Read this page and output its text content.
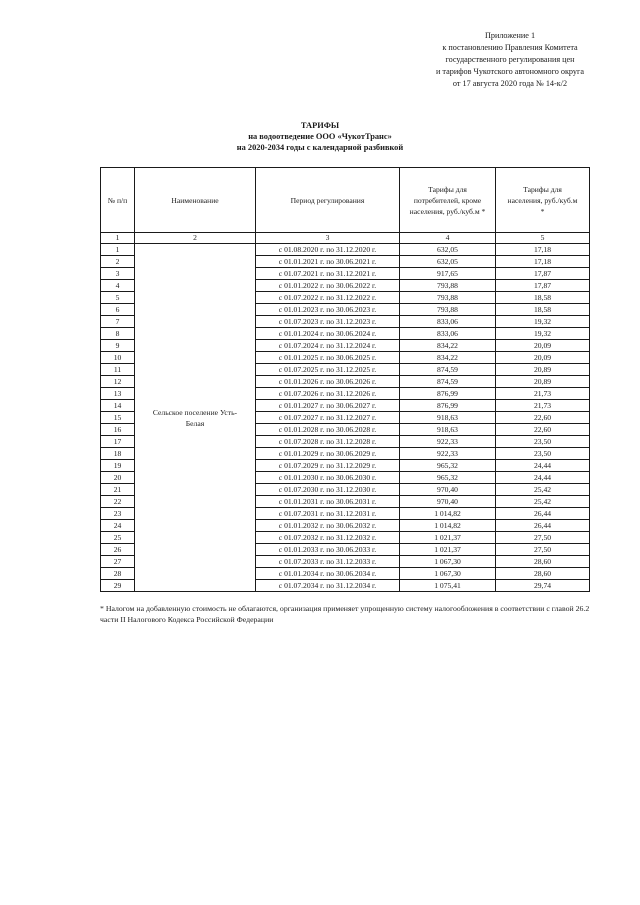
Приложение 1
к постановлению Правления Комитета
государственного регулирования цен
и тарифов Чукотского автономного округа
от 17 августа 2020 года № 14-к/2
ТАРИФЫ
на водоотведение ООО «ЧукотТранс»
на 2020-2034 годы с календарной разбивкой
№ п/п	Наименование	Период регулирования	Тарифы для потребителей, кроме населения, руб./куб.м *	Тарифы для населения, руб./куб.м *
1	2	3	4	5
1	Сельское поселение Усть-Белая	с 01.08.2020 г. по 31.12.2020 г.	632,05	17,18
2		с 01.01.2021 г. по 30.06.2021 г.	632,05	17,18
3		с 01.07.2021 г. по 31.12.2021 г.	917,65	17,87
4		с 01.01.2022 г. по 30.06.2022 г.	793,88	17,87
5		с 01.07.2022 г. по 31.12.2022 г.	793,88	18,58
6		с 01.01.2023 г. по 30.06.2023 г.	793,88	18,58
7		с 01.07.2023 г. по 31.12.2023 г.	833,06	19,32
8		с 01.01.2024 г. по 30.06.2024 г.	833,06	19,32
9		с 01.07.2024 г. по 31.12.2024 г.	834,22	20,09
10		с 01.01.2025 г. по 30.06.2025 г.	834,22	20,09
11		с 01.07.2025 г. по 31.12.2025 г.	874,59	20,89
12		с 01.01.2026 г. по 30.06.2026 г.	874,59	20,89
13		с 01.07.2026 г. по 31.12.2026 г.	876,99	21,73
14		с 01.01.2027 г. по 30.06.2027 г.	876,99	21,73
15		с 01.07.2027 г. по 31.12.2027 г.	918,63	22,60
16		с 01.01.2028 г. по 30.06.2028 г.	918,63	22,60
17		с 01.07.2028 г. по 31.12.2028 г.	922,33	23,50
18		с 01.01.2029 г. по 30.06.2029 г.	922,33	23,50
19		с 01.07.2029 г. по 31.12.2029 г.	965,32	24,44
20		с 01.01.2030 г. по 30.06.2030 г.	965,32	24,44
21		с 01.07.2030 г. по 31.12.2030 г.	970,40	25,42
22		с 01.01.2031 г. по 30.06.2031 г.	970,40	25,42
23		с 01.07.2031 г. по 31.12.2031 г.	1 014,82	26,44
24		с 01.01.2032 г. по 30.06.2032 г.	1 014,82	26,44
25		с 01.07.2032 г. по 31.12.2032 г.	1 021,37	27,50
26		с 01.01.2033 г. по 30.06.2033 г.	1 021,37	27,50
27		с 01.07.2033 г. по 31.12.2033 г.	1 067,30	28,60
28		с 01.01.2034 г. по 30.06.2034 г.	1 067,30	28,60
29		с 01.07.2034 г. по 31.12.2034 г.	1 075,41	29,74
* Налогом на добавленную стоимость не облагаются, организация применяет упрощенную систему налогообложения в соответствии с главой 26.2 части II Налогового Кодекса Российской Федерации
